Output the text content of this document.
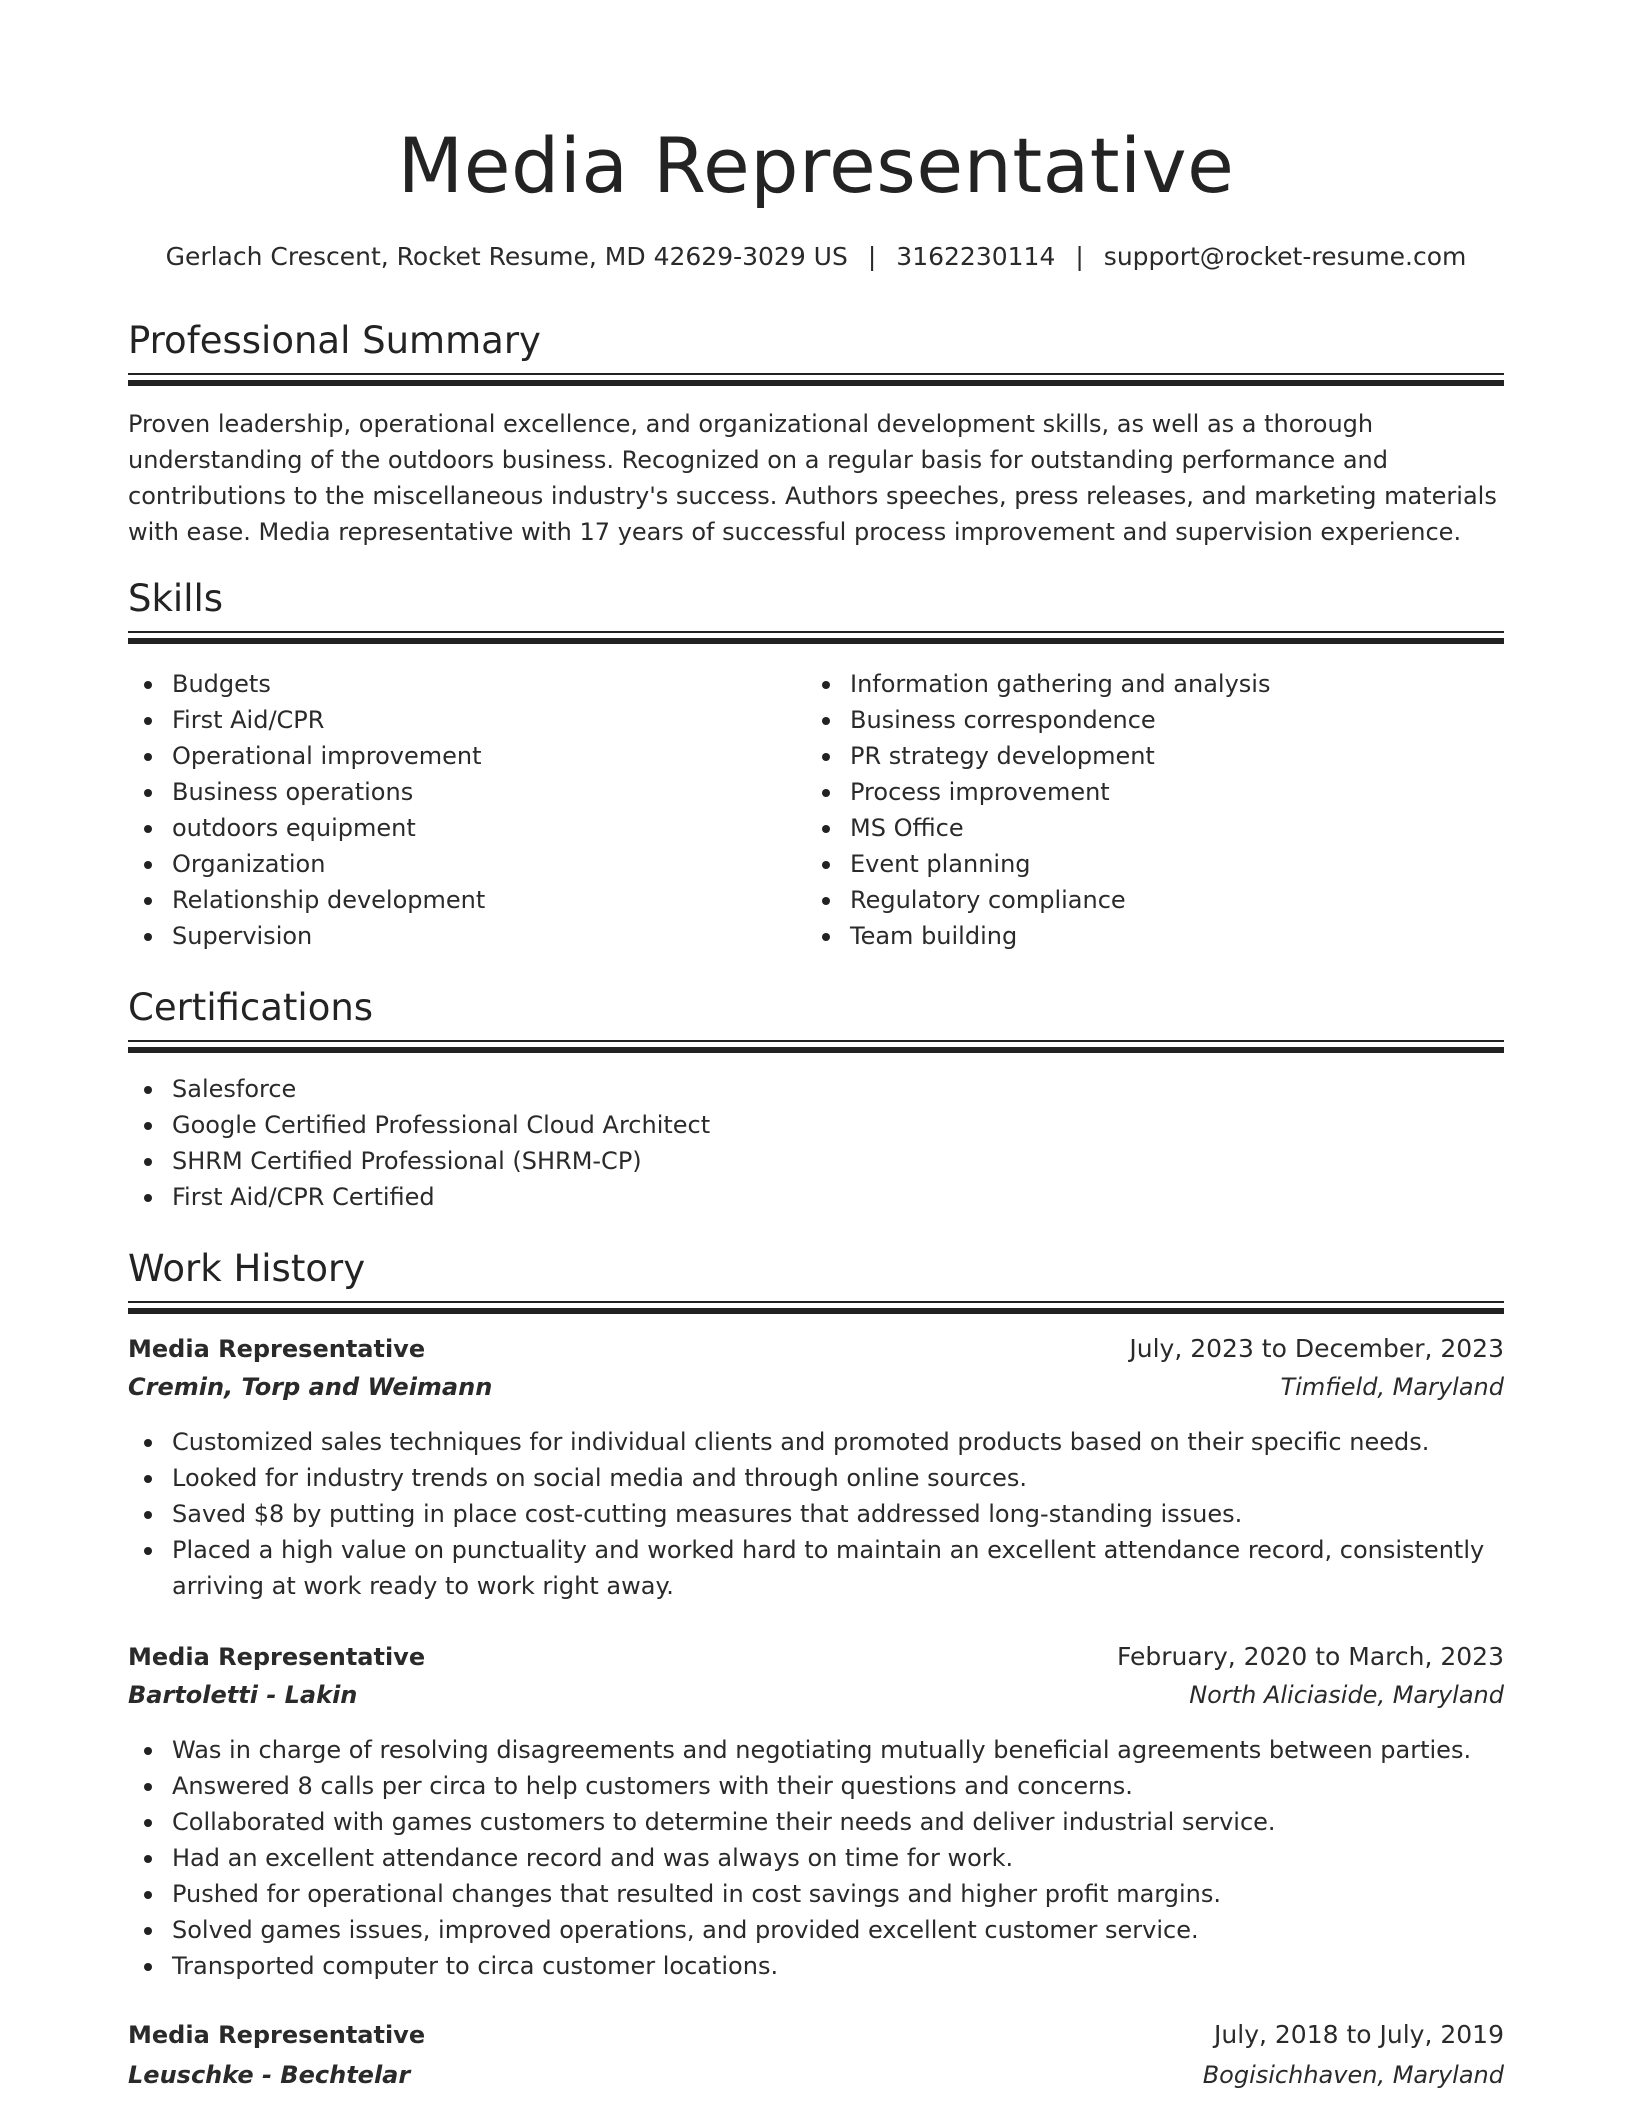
Media Representative
Gerlach Crescent, Rocket Resume, MD 42629-3029 US | 3162230114 | support@rocket-resume.com
Professional Summary

Proven leadership, operational excellence, and organizational development skills, as well as a thorough understanding of the outdoors business. Recognized on a regular basis for outstanding performance and contributions to the miscellaneous industry's success. Authors speeches, press releases, and marketing materials with ease. Media representative with 17 years of successful process improvement and supervision experience.

Skills
Budgets
First Aid/CPR
Operational improvement
Business operations
outdoors equipment
Organization
Relationship development
Supervision
Information gathering and analysis
Business correspondence
PR strategy development
Process improvement
MS Office
Event planning
Regulatory compliance
Team building
Certifications
Salesforce
Google Certified Professional Cloud Architect
SHRM Certified Professional (SHRM-CP)
First Aid/CPR Certified
Work History
Media Representative	July, 2023 to December, 2023
Cremin, Torp and Weimann	Timfield, Maryland
Customized sales techniques for individual clients and promoted products based on their specific needs.
Looked for industry trends on social media and through online sources.
Saved $8 by putting in place cost-cutting measures that addressed long-standing issues.
Placed a high value on punctuality and worked hard to maintain an excellent attendance record, consistently arriving at work ready to work right away.
Media Representative	February, 2020 to March, 2023
Bartoletti - Lakin	North Aliciaside, Maryland
Was in charge of resolving disagreements and negotiating mutually beneficial agreements between parties.
Answered 8 calls per circa to help customers with their questions and concerns.
Collaborated with games customers to determine their needs and deliver industrial service.
Had an excellent attendance record and was always on time for work.
Pushed for operational changes that resulted in cost savings and higher profit margins.
Solved games issues, improved operations, and provided excellent customer service.
Transported computer to circa customer locations.
Media Representative	July, 2018 to July, 2019
Leuschke - Bechtelar	Bogisichhaven, Maryland
